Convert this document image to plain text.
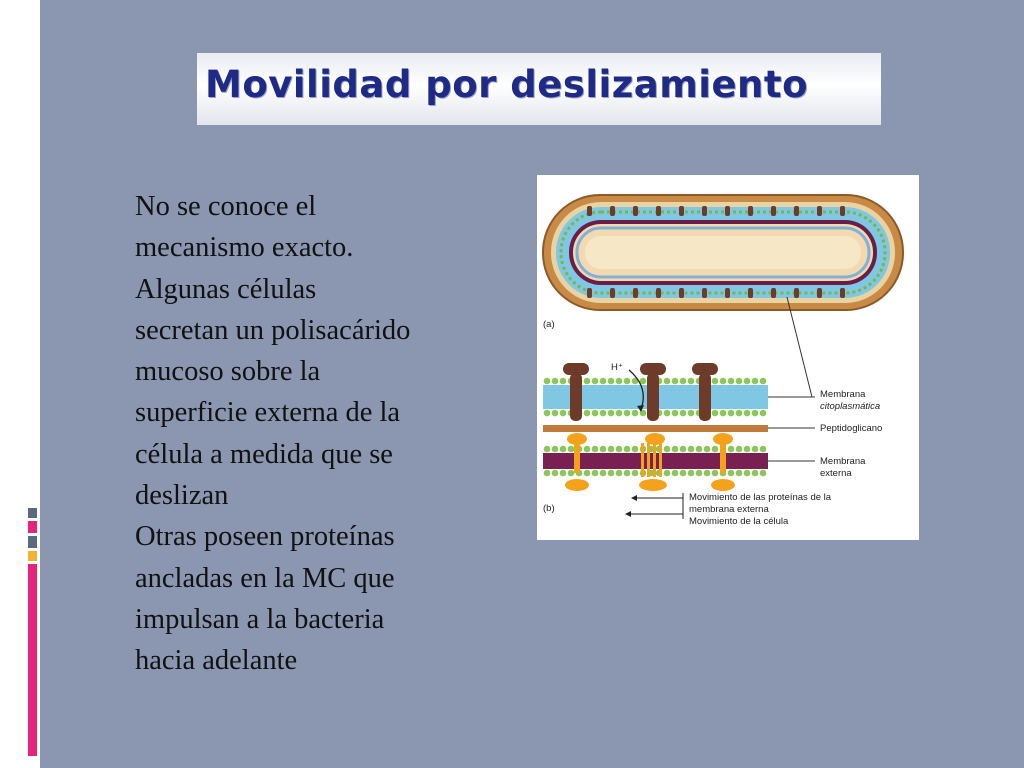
Movilidad por deslizamiento
No se conoce el
mecanismo exacto.
Algunas células
secretan un polisacárido
mucoso sobre la
superficie externa de la
célula a medida que se
deslizan
Otras poseen proteínas
ancladas en la MC que
impulsan a la bacteria
hacia adelante
(a)
H⁺
(b)
Membrana
citoplasmática
Peptidoglicano
Membrana
externa
Movimiento de las proteínas de la
membrana externa
Movimiento de la célula
